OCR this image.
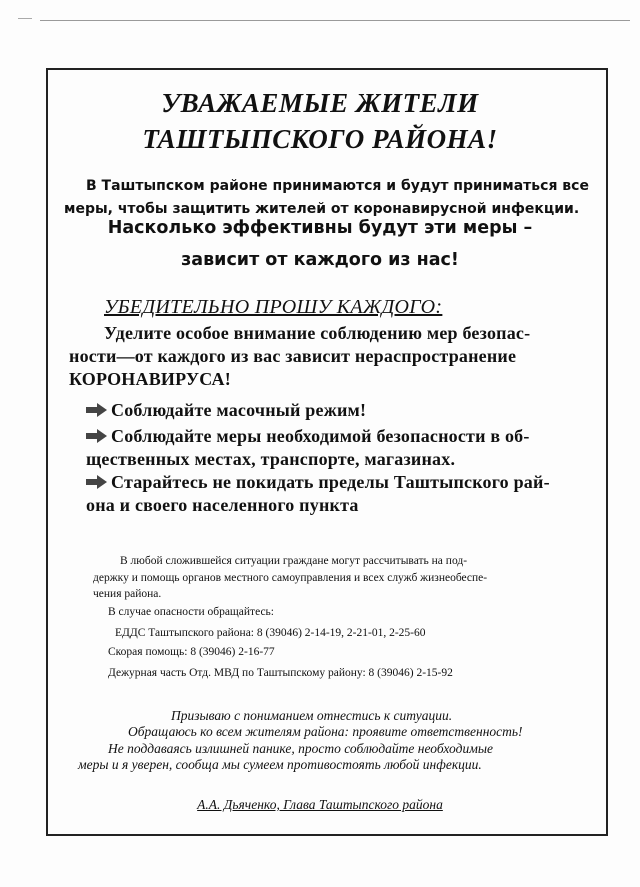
УВАЖАЕМЫЕ ЖИТЕЛИ
ТАШТЫПСКОГО РАЙОНА!

В Таштыпском районе принимаются и будут приниматься все

меры, чтобы защитить жителей от коронавирусной инфекции.

Насколько эффективны будут эти меры –

зависит от каждого из нас!

УБЕДИТЕЛЬНО ПРОШУ КАЖДОГО:

Уделите особое внимание соблюдению мер безопас-

ности—от каждого из вас зависит нераспространение

КОРОНАВИРУСА!

Соблюдайте масочный режим!

Соблюдайте меры необходимой безопасности в об-

щественных местах, транспорте, магазинах.

Старайтесь не покидать пределы Таштыпского рай-

она и своего населенного пункта

В любой сложившейся ситуации граждане могут рассчитывать на под-

держку и помощь органов местного самоуправления и всех служб жизнеобеспе-

чения района.

В случае опасности обращайтесь:

ЕДДС Таштыпского района: 8 (39046) 2-14-19, 2-21-01, 2-25-60

Скорая помощь: 8 (39046) 2-16-77

Дежурная часть Отд. МВД по Таштыпскому району: 8 (39046) 2-15-92

Призываю с пониманием отнестись к ситуации.

Обращаюсь ко всем жителям района: проявите ответственность!

Не поддаваясь излишней панике, просто соблюдайте необходимые

меры и я уверен, сообща мы сумеем противостоять любой инфекции.

А.А. Дьяченко, Глава Таштыпского района
